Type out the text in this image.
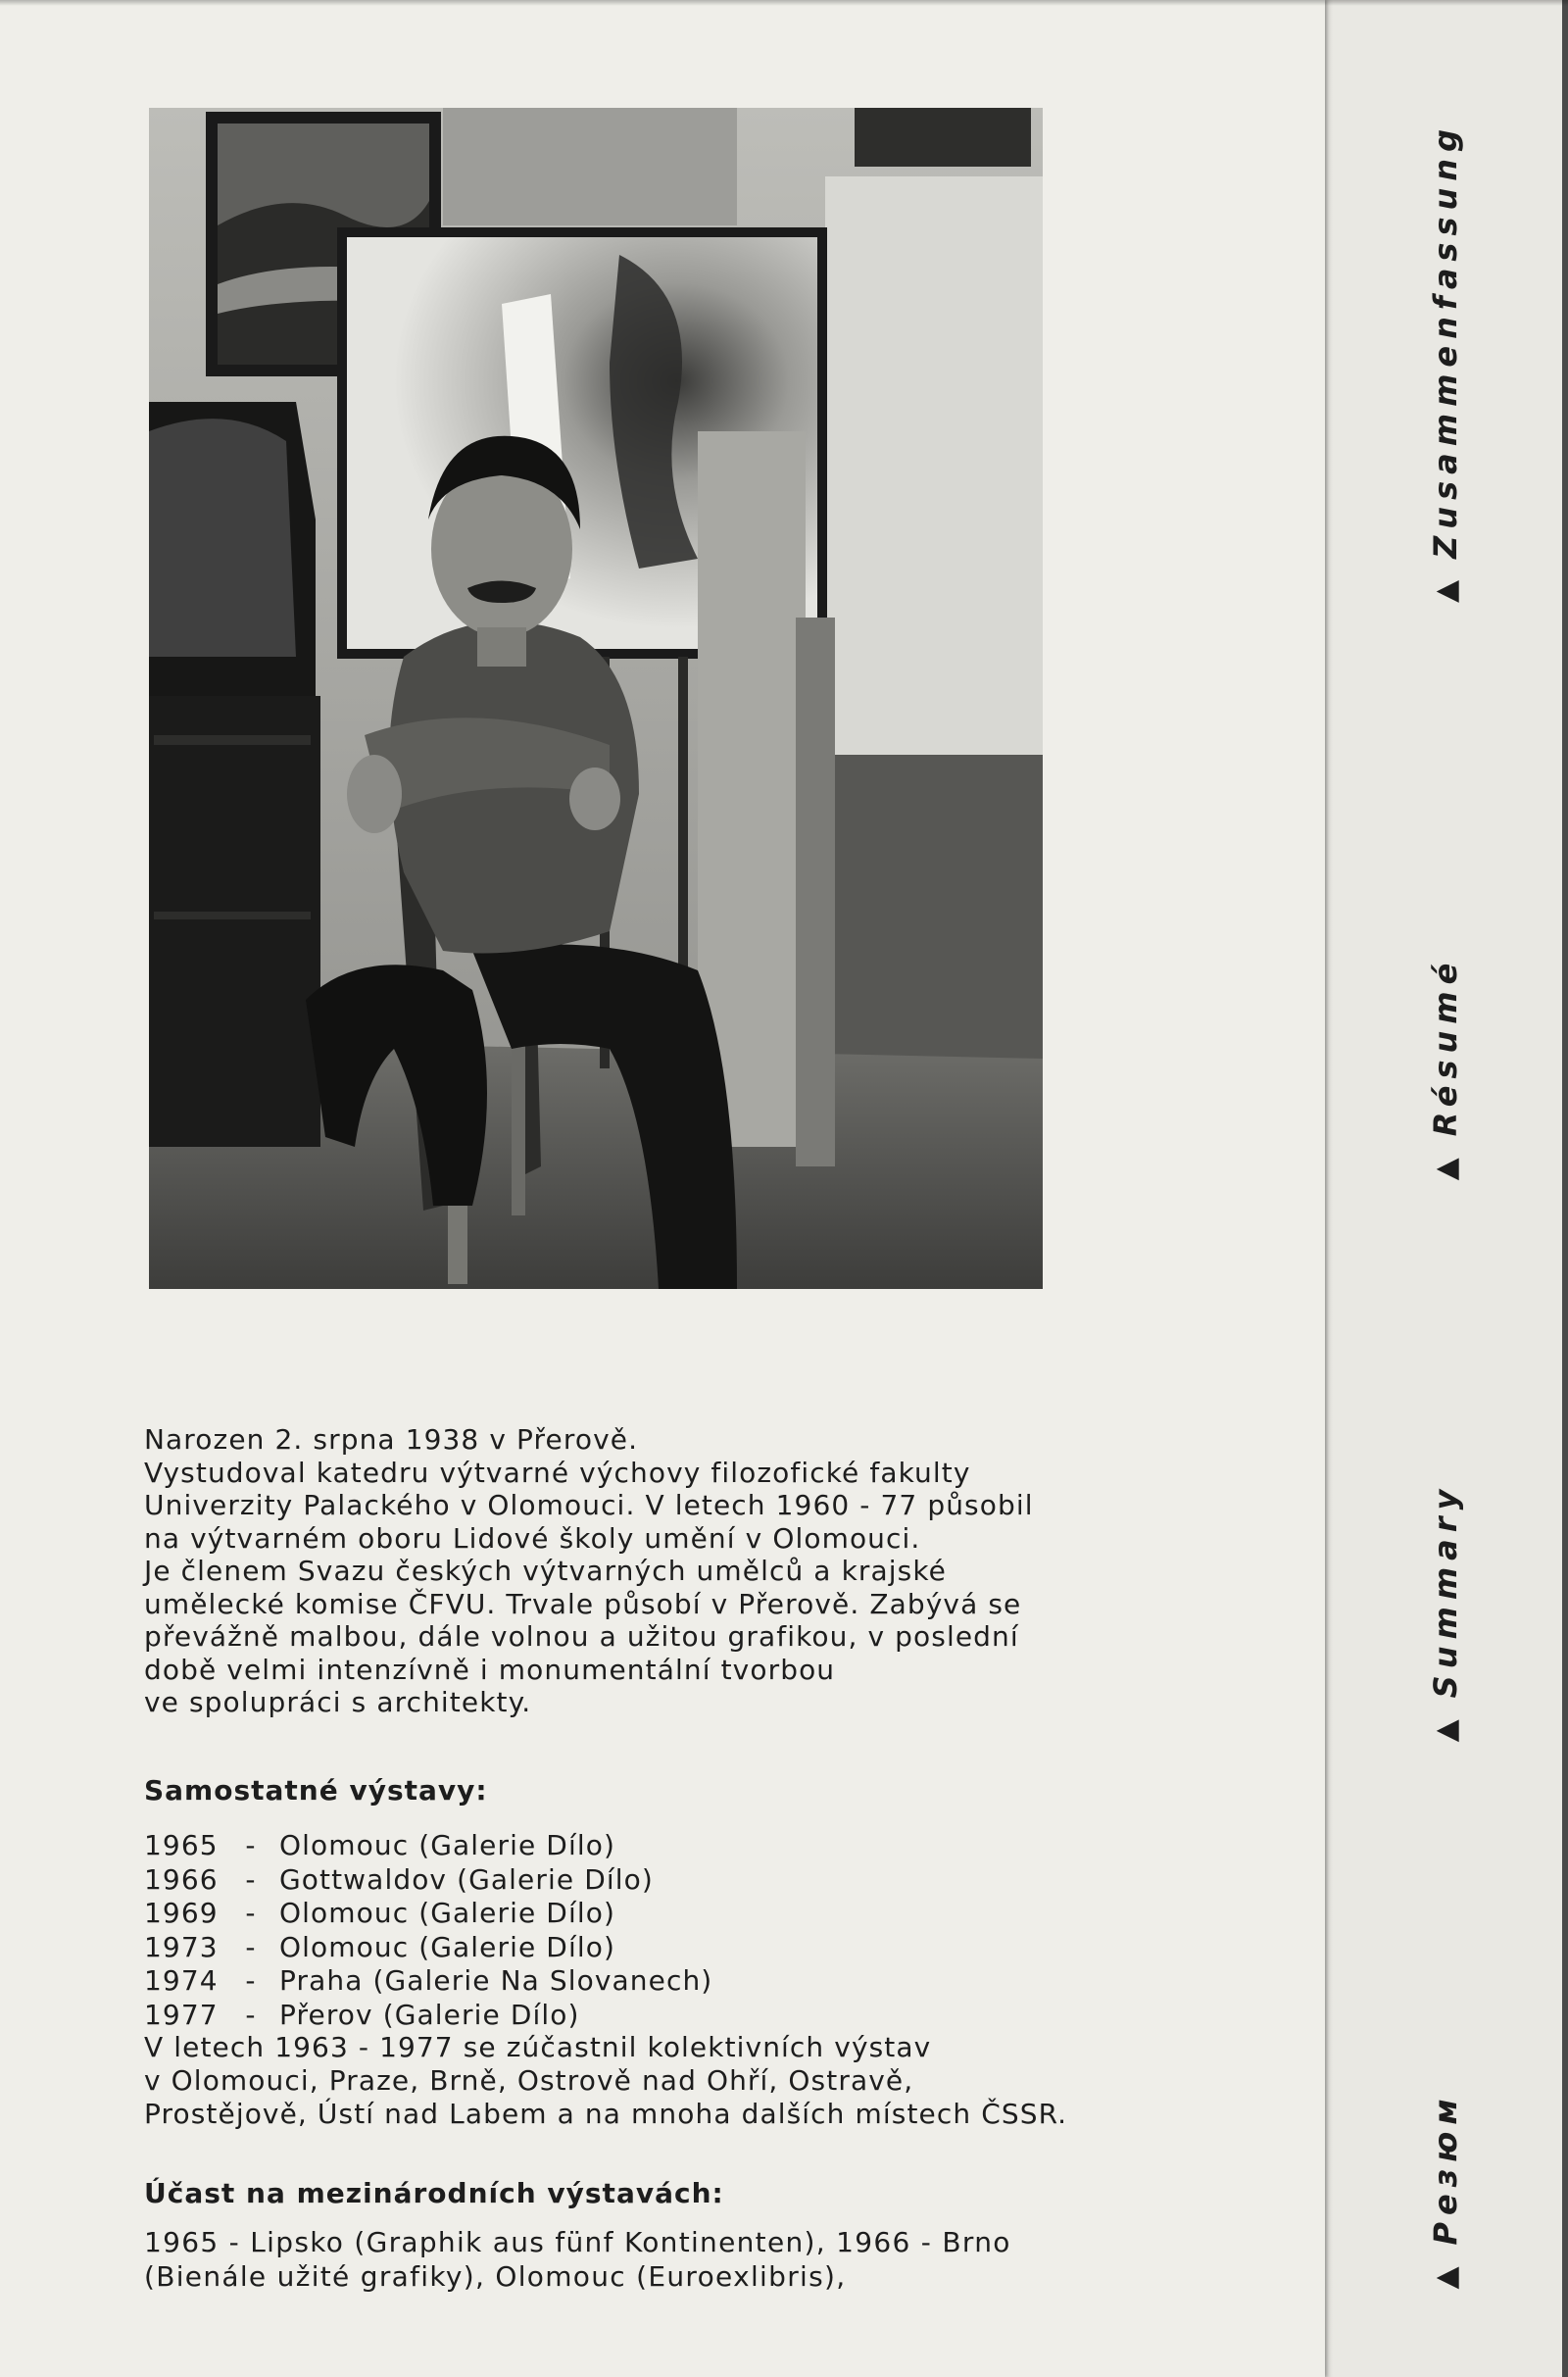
Narozen 2. srpna 1938 v Přerově.

Vystudoval katedru výtvarné výchovy filozofické fakulty

Univerzity Palackého v Olomouci. V letech 1960 - 77 působil

na výtvarném oboru Lidové školy umění v Olomouci.

Je členem Svazu českých výtvarných umělců a krajské

umělecké komise ČFVU. Trvale působí v Přerově. Zabývá se

převážně malbou, dále volnou a užitou grafikou, v poslední

době velmi intenzívně i monumentální tvorbou

ve spolupráci s architekty.

Samostatné výstavy:
1965 - Olomouc (Galerie Dílo)
1966 - Gottwaldov (Galerie Dílo)
1969 - Olomouc (Galerie Dílo)
1973 - Olomouc (Galerie Dílo)
1974 - Praha (Galerie Na Slovanech)
1977 - Přerov (Galerie Dílo)
V letech 1963 - 1977 se zúčastnil kolektivních výstav
v Olomouci, Praze, Brně, Ostrově nad Ohří, Ostravě,
Prostějově, Ústí nad Labem a na mnoha dalších místech ČSSR.
Účast na mezinárodních výstavách:
1965 - Lipsko (Graphik aus fünf Kontinenten), 1966 - Brno
(Bienále užité grafiky), Olomouc (Euroexlibris),
▲
Zusammenfassung
▲
Résumé
▲
Summary
▲
Резюм
